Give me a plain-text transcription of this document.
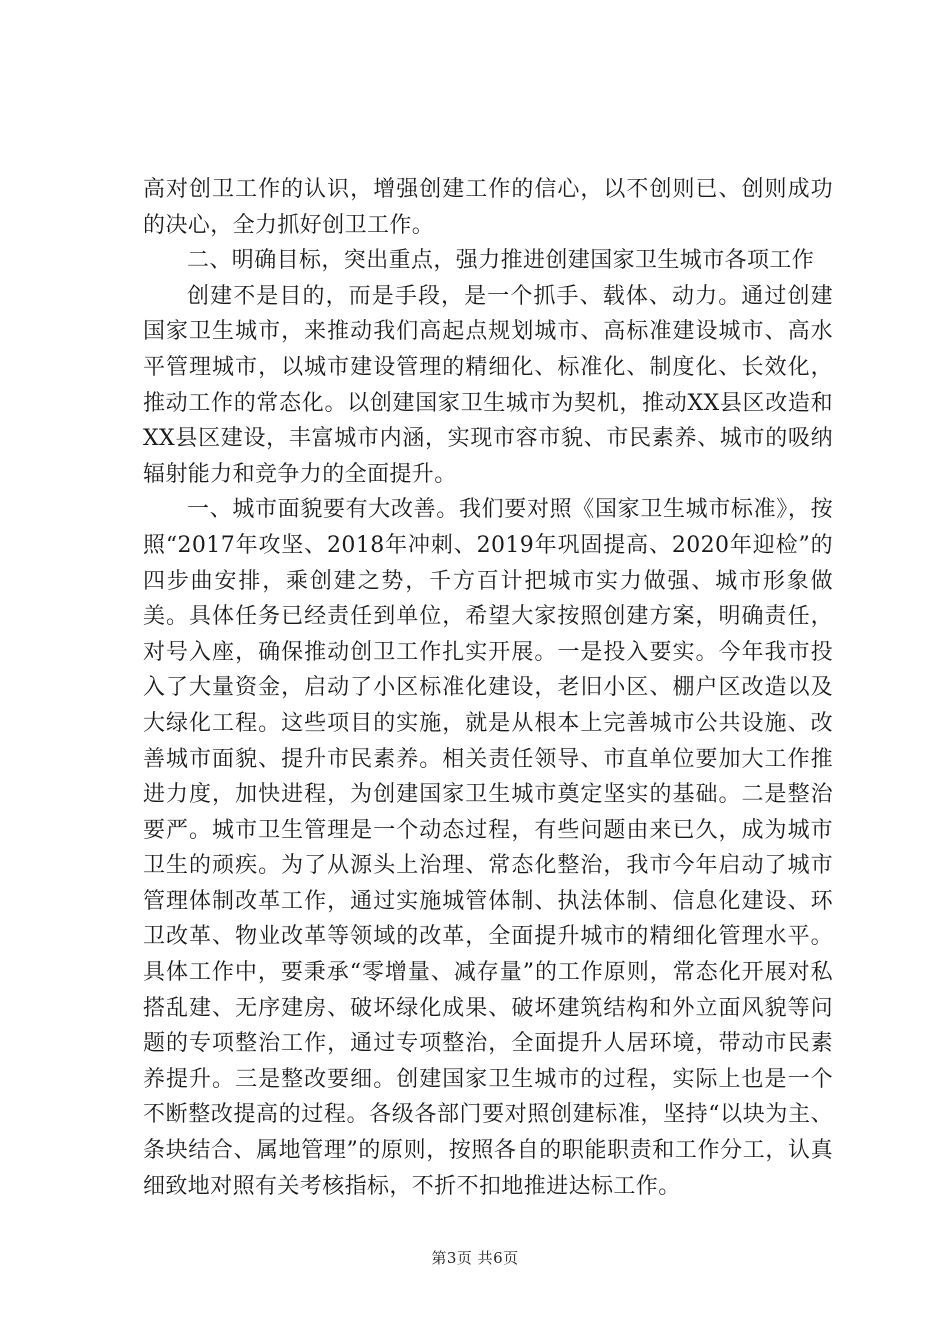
高对创卫工作的认识，增强创建工作的信心，以不创则已、创则成功的决心，全力抓好创卫工作。

二、明确目标，突出重点，强力推进创建国家卫生城市各项工作

创建不是目的，而是手段，是一个抓手、载体、动力。通过创建国家卫生城市，来推动我们高起点规划城市、高标准建设城市、高水平管理城市，以城市建设管理的精细化、标准化、制度化、长效化，推动工作的常态化。以创建国家卫生城市为契机，推动XX县区改造和XX县区建设，丰富城市内涵，实现市容市貌、市民素养、城市的吸纳辐射能力和竞争力的全面提升。

一、城市面貌要有大改善。我们要对照《国家卫生城市标准》，按照“2017年攻坚、2018年冲刺、2019年巩固提高、2020年迎检”的四步曲安排，乘创建之势，千方百计把城市实力做强、城市形象做美。具体任务已经责任到单位，希望大家按照创建方案，明确责任，对号入座，确保推动创卫工作扎实开展。一是投入要实。今年我市投入了大量资金，启动了小区标准化建设，老旧小区、棚户区改造以及大绿化工程。这些项目的实施，就是从根本上完善城市公共设施、改善城市面貌、提升市民素养。相关责任领导、市直单位要加大工作推进力度，加快进程，为创建国家卫生城市奠定坚实的基础。二是整治要严。城市卫生管理是一个动态过程，有些问题由来已久，成为城市卫生的顽疾。为了从源头上治理、常态化整治，我市今年启动了城市管理体制改革工作，通过实施城管体制、执法体制、信息化建设、环卫改革、物业改革等领域的改革，全面提升城市的精细化管理水平。具体工作中，要秉承“零增量、减存量”的工作原则，常态化开展对私搭乱建、无序建房、破坏绿化成果、破坏建筑结构和外立面风貌等问题的专项整治工作，通过专项整治，全面提升人居环境，带动市民素养提升。三是整改要细。创建国家卫生城市的过程，实际上也是一个不断整改提高的过程。各级各部门要对照创建标准，坚持“以块为主、条块结合、属地管理”的原则，按照各自的职能职责和工作分工，认真细致地对照有关考核指标，不折不扣地推进达标工作。

第3页 共6页
